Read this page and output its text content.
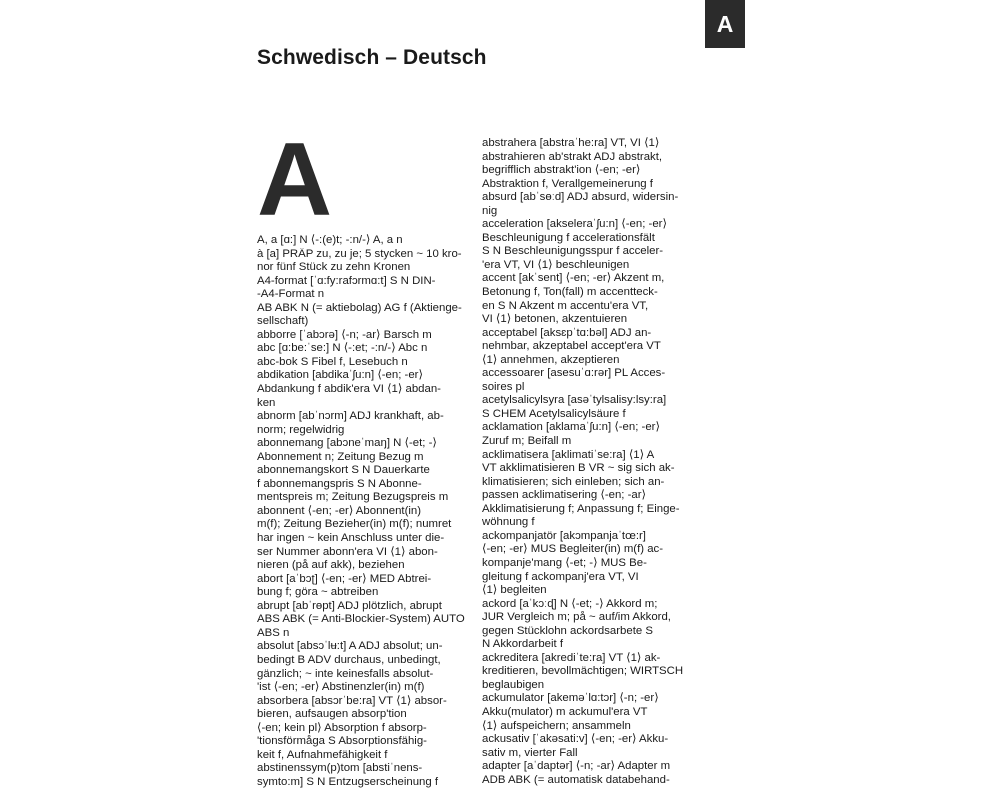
A
Schwedisch – Deutsch
A
A, a [ɑ:] N ⟨-:(e)t; -:n/-⟩ A, a n
à [a] PRÄP zu, zu je; 5 stycken ~ 10 kro-
nor fünf Stück zu zehn Kronen
A4-format [ˈɑ:fy:rafɔrmɑ:t] S N DIN-
-A4-Format n
AB ABK N (= aktiebolag) AG f (Aktienge-
sellschaft)
abborre [ˈabɔrə] ⟨-n; -ar⟩ Barsch m
abc [ɑ:be:ˈse:] N ⟨-:et; -:n/-⟩ Abc n
abc-bok S Fibel f, Lesebuch n
abdikation [abdikaˈʃu:n] ⟨-en; -er⟩
Abdankung f abdik'era VI ⟨1⟩ abdan-
ken
abnorm [abˈnɔrm] ADJ krankhaft, ab-
norm; regelwidrig
abonnemang [abɔneˈmaŋ] N ⟨-et; -⟩
Abonnement n; Zeitung Bezug m
abonnemangskort S N Dauerkarte
f abonnemangspris S N Abonne-
mentspreis m; Zeitung Bezugspreis m
abonnent ⟨-en; -er⟩ Abonnent(in)
m(f); Zeitung Bezieher(in) m(f); numret
har ingen ~ kein Anschluss unter die-
ser Nummer abonn'era VI ⟨1⟩ abon-
nieren (på auf akk), beziehen
abort [aˈbɔʈ] ⟨-en; -er⟩ MED Abtrei-
bung f; göra ~ abtreiben
abrupt [abˈrɵpt] ADJ plötzlich, abrupt
ABS ABK (= Anti-Blockier-System) AUTO
ABS n
absolut [absɔˈlʉ:t] A ADJ absolut; un-
bedingt B ADV durchaus, unbedingt,
gänzlich; ~ inte keinesfalls absolut-
'ist ⟨-en; -er⟩ Abstinenzler(in) m(f)
absorbera [absɔrˈbe:ra] VT ⟨1⟩ absor-
bieren, aufsaugen absorp'tion
⟨-en; kein pl⟩ Absorption f absorp-
'tionsförmåga S Absorptionsfähig-
keit f, Aufnahmefähigkeit f
abstinenssym(p)tom [abstiˈnens-
symto:m] S N Entzugserscheinung f
abstrahera [abstraˈhe:ra] VT, VI ⟨1⟩
abstrahieren ab'strakt ADJ abstrakt,
begrifflich abstrakt'ion ⟨-en; -er⟩
Abstraktion f, Verallgemeinerung f
absurd [abˈsɵːd] ADJ absurd, widersin-
nig
acceleration [akseleraˈʃu:n] ⟨-en; -er⟩
Beschleunigung f accelerationsfält
S N Beschleunigungsspur f acceler-
'era VT, VI ⟨1⟩ beschleunigen
accent [akˈsent] ⟨-en; -er⟩ Akzent m,
Betonung f, Ton(fall) m accentteck-
en S N Akzent m accentu'era VT,
VI ⟨1⟩ betonen, akzentuieren
acceptabel [aksɛpˈtɑ:bəl] ADJ an-
nehmbar, akzeptabel accept'era VT
⟨1⟩ annehmen, akzeptieren
accessoarer [asesuˈɑ:rər] PL Acces-
soires pl
acetylsalicylsyra [asəˈtylsalisy:lsy:ra]
S CHEM Acetylsalicylsäure f
acklamation [aklamaˈʃu:n] ⟨-en; -er⟩
Zuruf m; Beifall m
acklimatisera [aklimatiˈse:ra] ⟨1⟩ A
VT akklimatisieren B VR ~ sig sich ak-
klimatisieren; sich einleben; sich an-
passen acklimatisering ⟨-en; -ar⟩
Akklimatisierung f; Anpassung f; Einge-
wöhnung f
ackompanjatör [akɔmpanjaˈtœ:r]
⟨-en; -er⟩ MUS Begleiter(in) m(f) ac-
kompanje'mang ⟨-et; -⟩ MUS Be-
gleitung f ackompanj'era VT, VI
⟨1⟩ begleiten
ackord [aˈkɔːɖ] N ⟨-et; -⟩ Akkord m;
JUR Vergleich m; på ~ auf/im Akkord,
gegen Stücklohn ackordsarbete S
N Akkordarbeit f
ackreditera [akrediˈte:ra] VT ⟨1⟩ ak-
kreditieren, bevollmächtigen; WIRTSCH
beglaubigen
ackumulator [akeməˈlɑ:tɔr] ⟨-n; -er⟩
Akku(mulator) m ackumul'era VT
⟨1⟩ aufspeichern; ansammeln
ackusativ [ˈakəsati:v] ⟨-en; -er⟩ Akku-
sativ m, vierter Fall
adapter [aˈdaptər] ⟨-n; -ar⟩ Adapter m
ADB ABK (= automatisk databehand-
